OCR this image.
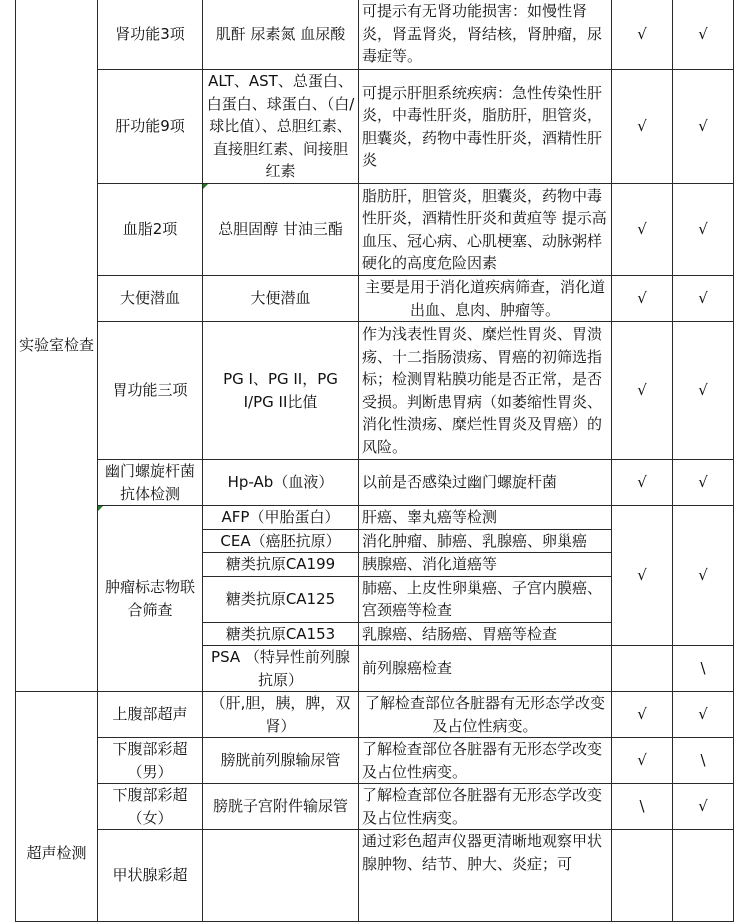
实验室检查	肾功能3项	肌酐 尿素氮 血尿酸	可提示有无肾功能损害：如慢性肾炎，肾盂肾炎，肾结核，肾肿瘤，尿毒症等。	√	√
	肝功能9项	ALT、AST、总蛋白、白蛋白、球蛋白、（白/球比值）、总胆红素、直接胆红素、间接胆红素	可提示肝胆系统疾病：急性传染性肝炎，中毒性肝炎，脂肪肝，胆管炎，胆囊炎，药物中毒性肝炎，酒精性肝炎	√	√
	血脂2项	总胆固醇 甘油三酯	脂肪肝，胆管炎，胆囊炎，药物中毒性肝炎，酒精性肝炎和黄疸等 提示高血压、冠心病、心肌梗塞、动脉粥样硬化的高度危险因素	√	√
	大便潜血	大便潜血	主要是用于消化道疾病筛查，消化道出血、息肉、肿瘤等。	√	√
	胃功能三项	PG I、PG II，PG I/PG II比值	作为浅表性胃炎、糜烂性胃炎、胃溃疡、十二指肠溃疡、胃癌的初筛选指标；检测胃粘膜功能是否正常，是否受损。判断患胃病（如萎缩性胃炎、消化性溃疡、糜烂性胃炎及胃癌）的风险。	√	√
	幽门螺旋杆菌抗体检测	Hp-Ab（血液）	以前是否感染过幽门螺旋杆菌	√	√
	肿瘤标志物联合筛查	AFP（甲胎蛋白）	肝癌、睾丸癌等检测	√	√
		CEA（癌胚抗原）	消化肿瘤、肺癌、乳腺癌、卵巢癌		
		糖类抗原CA199	胰腺癌、消化道癌等		
		糖类抗原CA125	肺癌、上皮性卵巢癌、子宫内膜癌、宫颈癌等检查		
		糖类抗原CA153	乳腺癌、结肠癌、胃癌等检查		
		PSA （特异性前列腺抗原）	前列腺癌检查		\
超声检测	上腹部超声	（肝,胆，胰，脾，双肾）	了解检查部位各脏器有无形态学改变及占位性病变。	√	√
	下腹部彩超（男）	膀胱前列腺输尿管	了解检查部位各脏器有无形态学改变及占位性病变。	√	\
	下腹部彩超（女）	膀胱子宫附件输尿管	了解检查部位各脏器有无形态学改变及占位性病变。	\	√
	甲状腺彩超		通过彩色超声仪器更清晰地观察甲状腺肿物、结节、肿大、炎症；可		
